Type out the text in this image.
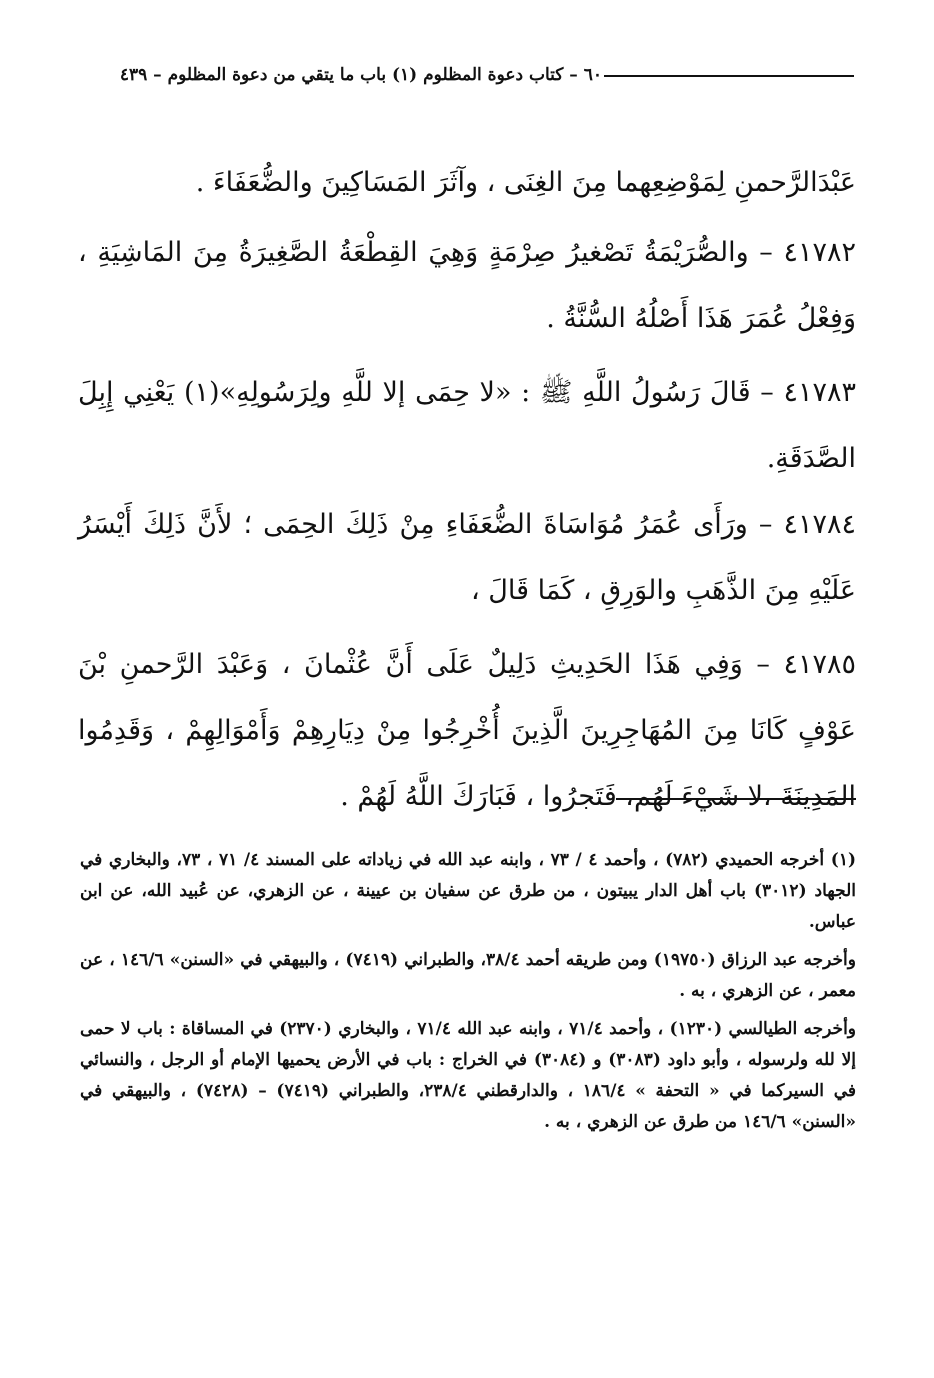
٦٠ – كتاب دعوة المظلوم (١) باب ما يتقي من دعوة المظلوم – ٤٣٩

عَبْدَالرَّحمنِ لِمَوْضِعِهما مِنَ الغِنَى ، وآثَرَ المَسَاكِينَ والضُّعَفَاءَ .

٤١٧٨٢ – والصُّرَيْمَةُ تَصْغيرُ صِرْمَةٍ وَهِيَ القِطْعَةُ الصَّغِيرَةُ مِنَ المَاشِيَةِ ، وَفِعْلُ عُمَرَ هَذَا أَصْلُهُ السُّنَّةُ .

٤١٧٨٣ – قَالَ رَسُولُ اللَّهِ ﷺ : «لا حِمَى إلا للَّهِ ولِرَسُولِهِ»(١) يَعْنِي إِبِلَ الصَّدَقَةِ.

٤١٧٨٤ – ورَأَى عُمَرُ مُوَاسَاةَ الضُّعَفَاءِ مِنْ ذَلِكَ الحِمَى ؛ لأَنَّ ذَلِكَ أَيْسَرُ عَلَيْهِ مِنَ الذَّهَبِ والوَرِقِ ، كَمَا قَالَ ،

٤١٧٨٥ – وَفِي هَذَا الحَدِيثِ دَلِيلٌ عَلَى أَنَّ عُثْمانَ ، وَعَبْدَ الرَّحمنِ بْنَ عَوْفٍ كَانَا مِنَ المُهَاجِرِينَ الَّذِينَ أُخْرِجُوا مِنْ دِيَارِهِمْ وَأَمْوَالِهِمْ ، وَقَدِمُوا المَدِينَةَ ،لا شَيْءَ لَهُم، فَتَجرُوا ، فَبَارَكَ اللَّهُ لَهُمْ .

(١) أخرجه الحميدي (٧٨٢) ، وأحمد ٤ / ٧٣ ، وابنه عبد الله في زياداته على المسند ٤/ ٧١ ، ٧٣، والبخاري في الجهاد (٣٠١٢) باب أهل الدار يبيتون ، من طرق عن سفيان بن عيينة ، عن الزهري، عن عُبيد الله، عن ابن عباس.

وأخرجه عبد الرزاق (١٩٧٥٠) ومن طريقه أحمد ٣٨/٤، والطبراني (٧٤١٩) ، والبيهقي في «السنن» ١٤٦/٦ ، عن معمر ، عن الزهري ، به .

وأخرجه الطيالسي (١٢٣٠) ، وأحمد ٧١/٤ ، وابنه عبد الله ٧١/٤ ، والبخاري (٢٣٧٠) في المساقاة : باب لا حمى إلا لله ولرسوله ، وأبو داود (٣٠٨٣) و (٣٠٨٤) في الخراج : باب في الأرض يحميها الإمام أو الرجل ، والنسائي في السيركما في « التحفة » ١٨٦/٤ ، والدارقطني ٢٣٨/٤، والطبراني (٧٤١٩) – (٧٤٢٨) ، والبيهقي في «السنن» ١٤٦/٦ من طرق عن الزهري ، به .
